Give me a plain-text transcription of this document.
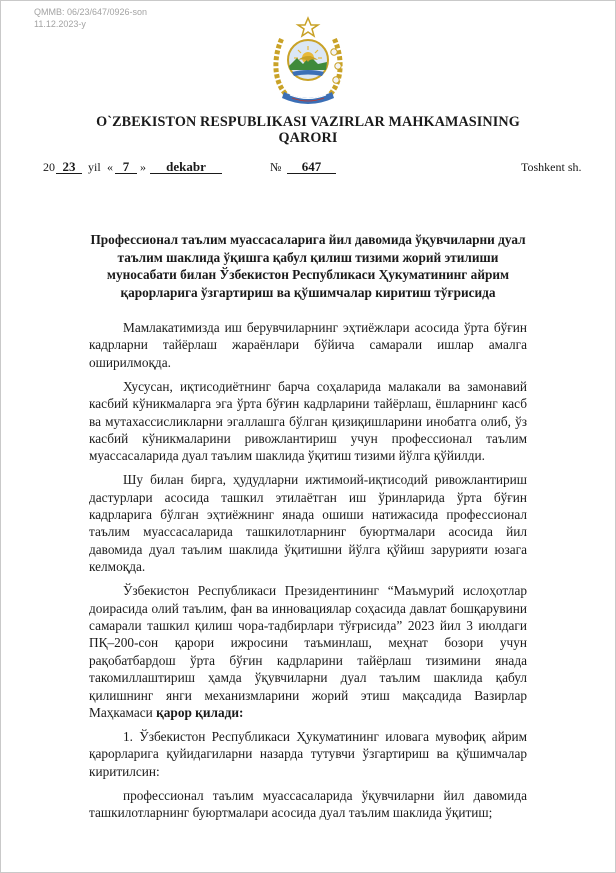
QMMB: 06/23/647/0926-son
11.12.2023-y
O`ZBEKISTON RESPUBLIKASI VAZIRLAR MAHKAMASINING
QARORI
20 23	yil « 7 »	dekabr	№	647	Toshkent sh.
Профессионал таълим муассасаларига йил давомида ўқувчиларни дуал
таълим шаклида ўқишга қабул қилиш тизими жорий этилиши
муносабати билан Ўзбекистон Республикаси Ҳукуматининг айрим
қарорларига ўзгартириш ва қўшимчалар киритиш тўғрисида

Мамлакатимизда иш берувчиларнинг эҳтиёжлари асосида ўрта бўғин кадрларни тайёрлаш жараёнлари бўйича самарали ишлар амалга оширилмоқда.

Хусусан, иқтисодиётнинг барча соҳаларида малакали ва замонавий касбий кўникмаларга эга ўрта бўғин кадрларини тайёрлаш, ёшларнинг касб ва мутахассисликларни эгаллашга бўлган қизиқишларини инобатга олиб, ўз касбий кўникмаларини ривожлантириш учун профессионал таълим муассасаларида дуал таълим шаклида ўқитиш тизими йўлга қўйилди.

Шу билан бирга, ҳудудларни ижтимоий-иқтисодий ривожлантириш дастурлари асосида ташкил этилаётган иш ўринларида ўрта бўғин кадрларига бўлган эҳтиёжнинг янада ошиши натижасида профессионал таълим муассасаларида ташкилотларнинг буюртмалари асосида йил давомида дуал таълим шаклида ўқитишни йўлга қўйиш зарурияти юзага келмоқда.

Ўзбекистон Республикаси Президентининг “Маъмурий ислоҳотлар доирасида олий таълим, фан ва инновациялар соҳасида давлат бошқарувини самарали ташкил қилиш чора-тадбирлари тўғрисида” 2023 йил 3 июлдаги ПҚ–200-сон қарори ижросини таъминлаш, меҳнат бозори учун рақобатбардош ўрта бўғин кадрларини тайёрлаш тизимини янада такомиллаштириш ҳамда ўқувчиларни дуал таълим шаклида қабул қилишнинг янги механизмларини жорий этиш мақсадида Вазирлар Маҳкамаси қарор қилади:

1. Ўзбекистон Республикаси Ҳукуматининг иловага мувофиқ айрим қарорларига қуйидагиларни назарда тутувчи ўзгартириш ва қўшимчалар киритилсин:

профессионал таълим муассасаларида ўқувчиларни йил давомида ташкилотларнинг буюртмалари асосида дуал таълим шаклида ўқитиш;
